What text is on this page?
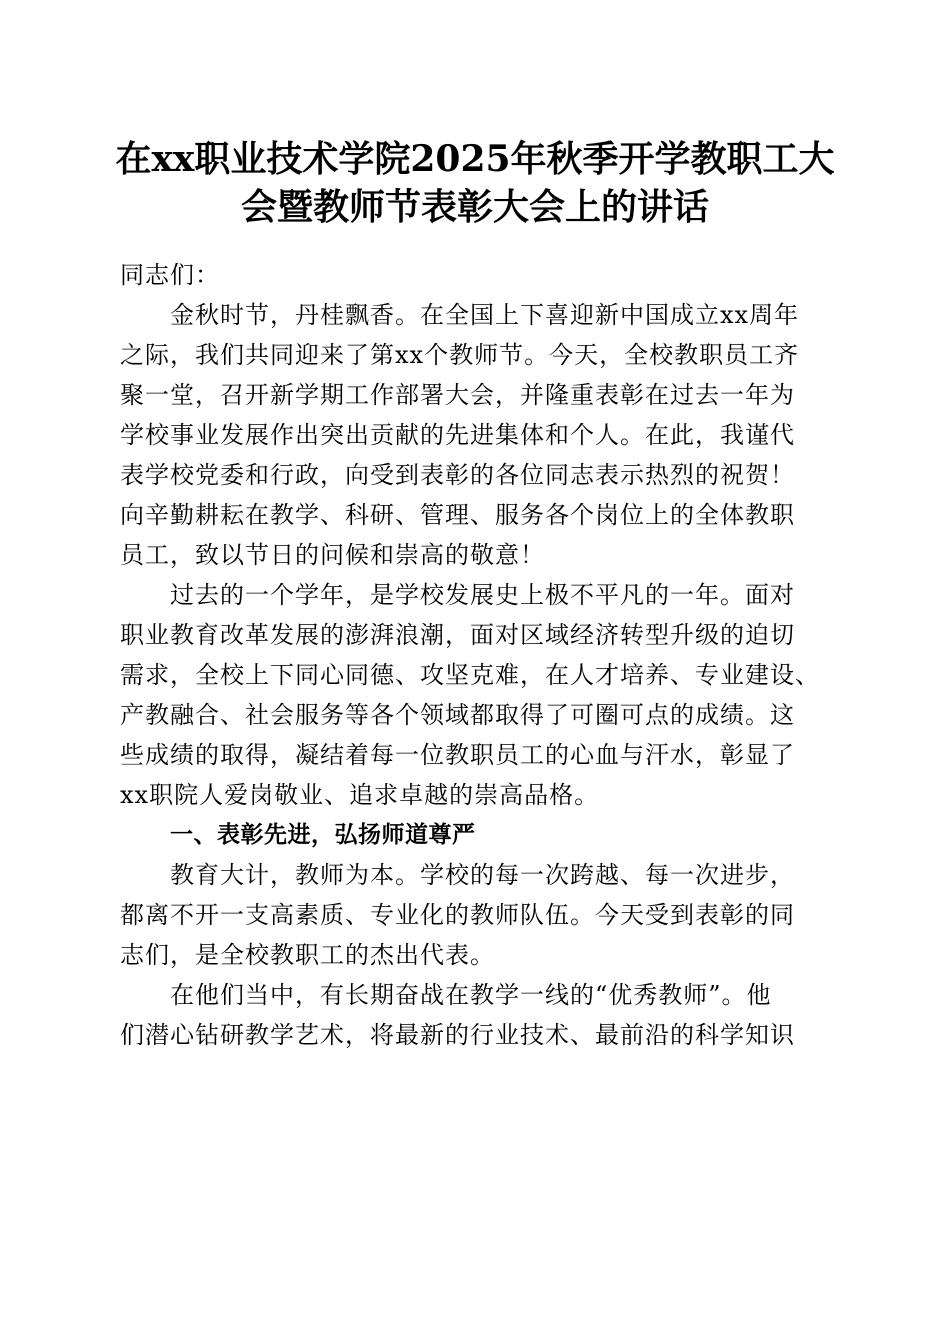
在xx职业技术学院2025年秋季开学教职工大
会暨教师节表彰大会上的讲话
同志们：
金秋时节，丹桂飘香。在全国上下喜迎新中国成立xx周年
之际，我们共同迎来了第xx个教师节。今天，全校教职员工齐
聚一堂，召开新学期工作部署大会，并隆重表彰在过去一年为
学校事业发展作出突出贡献的先进集体和个人。在此，我谨代
表学校党委和行政，向受到表彰的各位同志表示热烈的祝贺！
向辛勤耕耘在教学、科研、管理、服务各个岗位上的全体教职
员工，致以节日的问候和崇高的敬意！
过去的一个学年，是学校发展史上极不平凡的一年。面对
职业教育改革发展的澎湃浪潮，面对区域经济转型升级的迫切
需求，全校上下同心同德、攻坚克难，在人才培养、专业建设、
产教融合、社会服务等各个领域都取得了可圈可点的成绩。这
些成绩的取得，凝结着每一位教职员工的心血与汗水，彰显了
xx职院人爱岗敬业、追求卓越的崇高品格。
一、表彰先进，弘扬师道尊严
教育大计，教师为本。学校的每一次跨越、每一次进步，
都离不开一支高素质、专业化的教师队伍。今天受到表彰的同
志们，是全校教职工的杰出代表。
在他们当中，有长期奋战在教学一线的“优秀教师”。他
们潜心钻研教学艺术，将最新的行业技术、最前沿的科学知识
